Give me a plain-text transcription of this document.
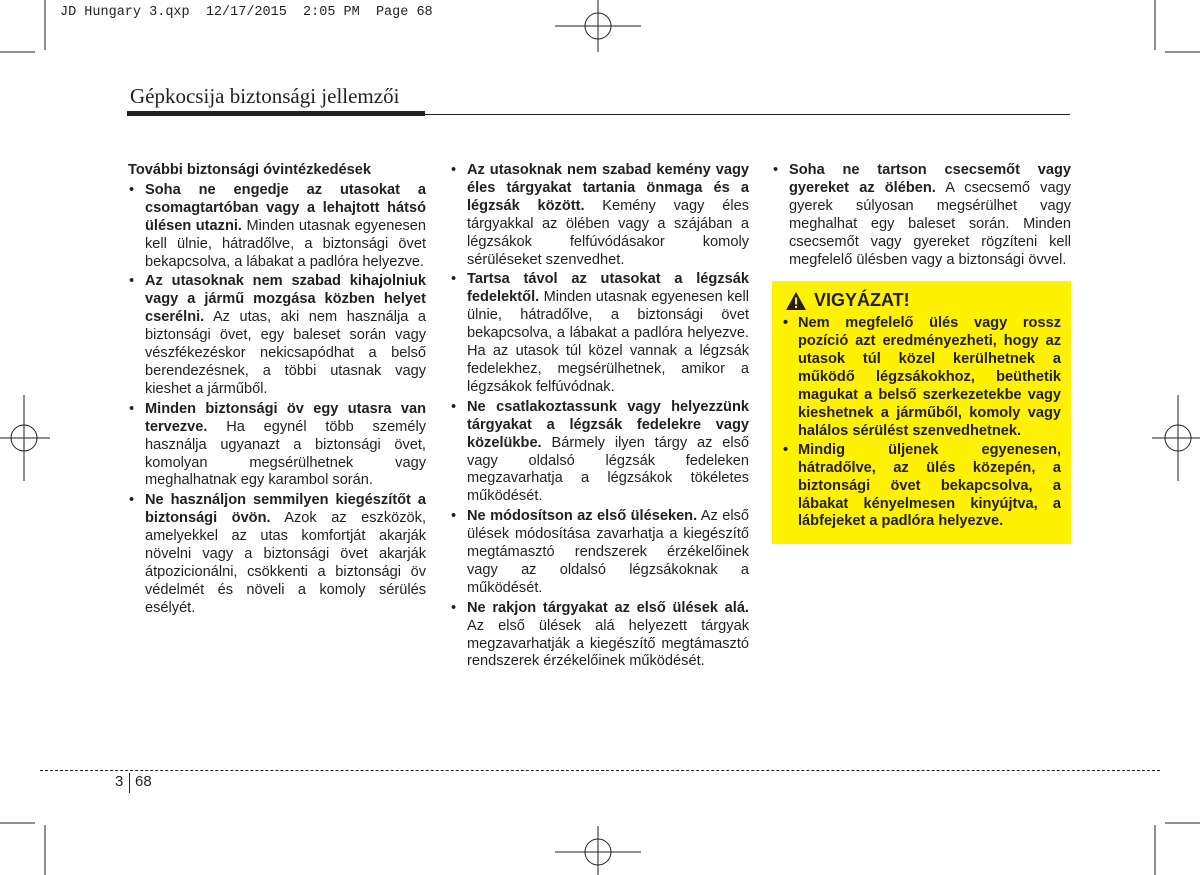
JD Hungary 3.qxp  12/17/2015  2:05 PM  Page 68
Gépkocsija biztonsági jellemzői
További biztonsági óvintézkedések
• Soha ne engedje az utasokat a csomagtartóban vagy a lehajtott hátsó ülésen utazni. Minden utasnak egyenesen kell ülnie, hátradőlve, a biztonsági övet bekapcsolva, a lábakat a padlóra helyezve.
• Az utasoknak nem szabad kihajolniuk vagy a jármű mozgása közben helyet cserélni. Az utas, aki nem használja a biztonsági övet, egy baleset során vagy vészfékezéskor nekicsapódhat a belső berendezésnek, a többi utasnak vagy kieshet a járműből.
• Minden biztonsági öv egy utasra van tervezve. Ha egynél több személy használja ugyanazt a biztonsági övet, komolyan megsérülhetnek vagy meghalhatnak egy karambol során.
• Ne használjon semmilyen kiegészítőt a biztonsági övön. Azok az eszközök, amelyekkel az utas komfortját akarják növelni vagy a biztonsági övet akarják átpozicionálni, csökkenti a biztonsági öv védelmét és növeli a komoly sérülés esélyét.
• Az utasoknak nem szabad kemény vagy éles tárgyakat tartania önmaga és a légzsák között. Kemény vagy éles tárgyakkal az ölében vagy a szájában a légzsákok felfúvódásakor komoly sérüléseket szenvedhet.
• Tartsa távol az utasokat a légzsák fedelektől. Minden utasnak egyenesen kell ülnie, hátradőlve, a biztonsági övet bekapcsolva, a lábakat a padlóra helyezve. Ha az utasok túl közel vannak a légzsák fedelekhez, megsérülhetnek, amikor a légzsákok felfúvódnak.
• Ne csatlakoztassunk vagy helyezzünk tárgyakat a légzsák fedelekre vagy közelükbe. Bármely ilyen tárgy az első vagy oldalsó légzsák fedeleken megzavarhatja a légzsákok tökéletes működését.
• Ne módosítson az első üléseken. Az első ülések módosítása zavarhatja a kiegészítő megtámasztó rendszerek érzékelőinek vagy az oldalsó légzsákoknak a működését.
• Ne rakjon tárgyakat az első ülések alá. Az első ülések alá helyezett tárgyak megzavarhatják a kiegészítő megtámasztó rendszerek érzékelőinek működését.
• Soha ne tartson csecsemőt vagy gyereket az ölében. A csecsemő vagy gyerek súlyosan megsérülhet vagy meghalhat egy baleset során. Minden csecsemőt vagy gyereket rögzíteni kell megfelelő ülésben vagy a biztonsági övvel.
VIGYÁZAT!
• Nem megfelelő ülés vagy rossz pozíció azt eredményezheti, hogy az utasok túl közel kerülhetnek a működő légzsákokhoz, beüthetik magukat a belső szerkezetekbe vagy kieshetnek a járműből, komoly vagy halálos sérülést szenvedhetnek.
• Mindig üljenek egyenesen, hátradőlve, az ülés közepén, a biztonsági övet bekapcsolva, a lábakat kényelmesen kinyújtva, a lábfejeket a padlóra helyezve.
3 68
